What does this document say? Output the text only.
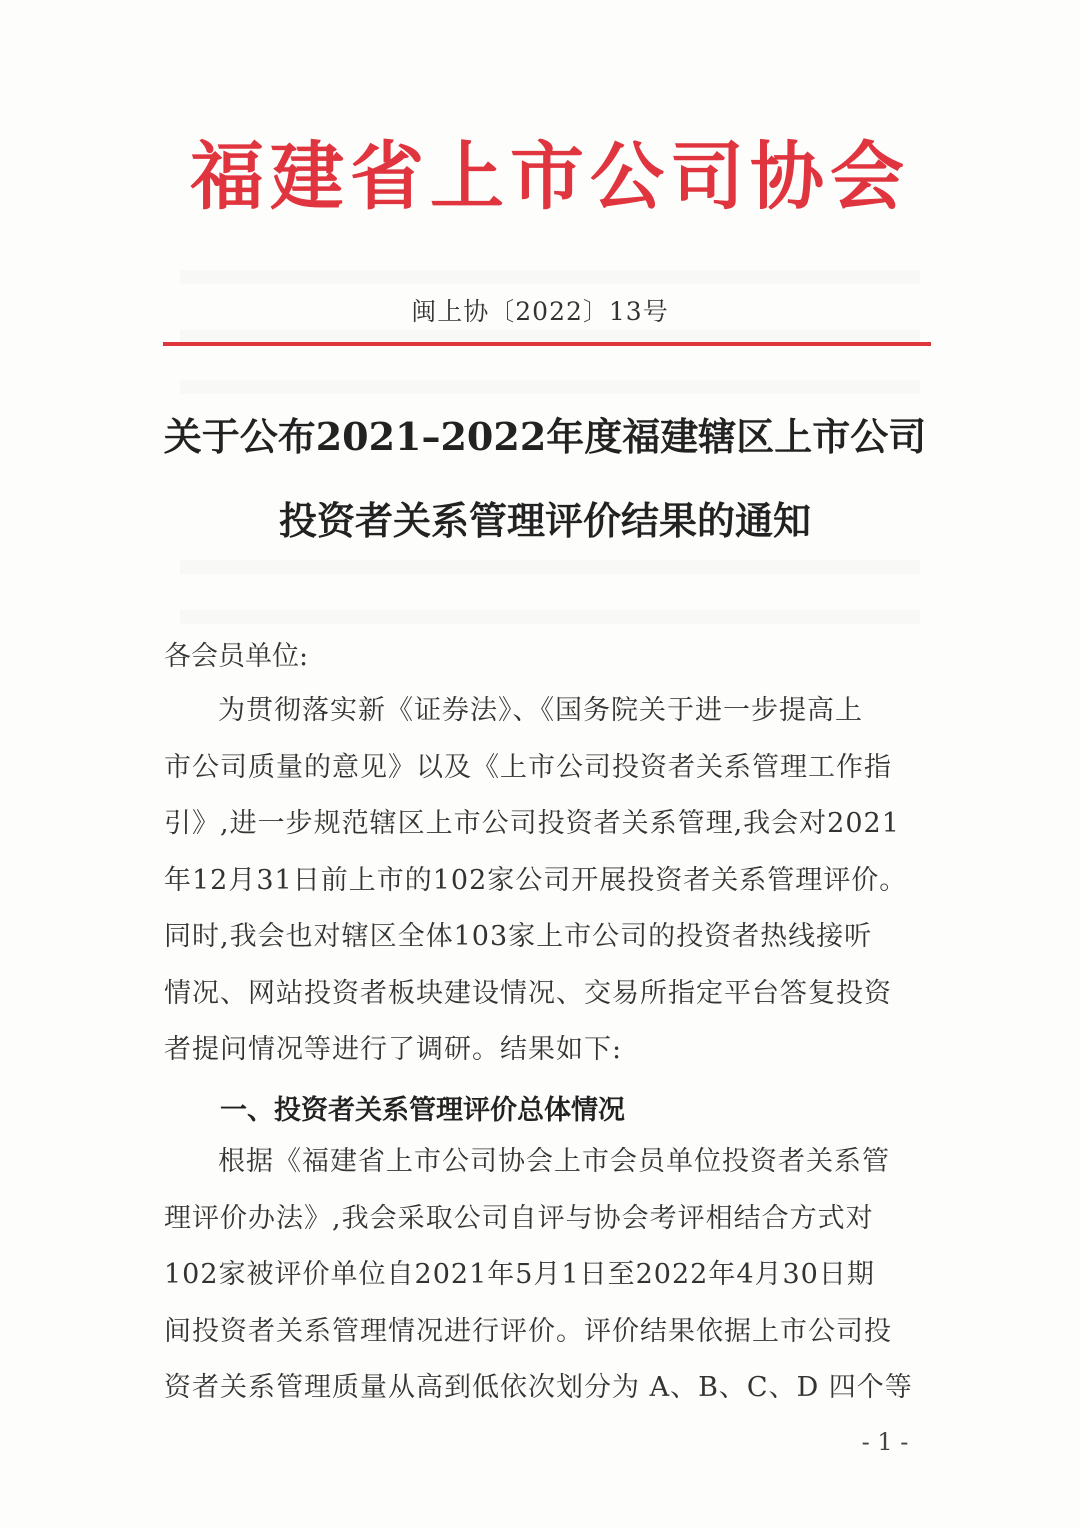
福建省上市公司协会
闽上协〔2022〕13号
关于公布2021–2022年度福建辖区上市公司
投资者关系管理评价结果的通知
各会员单位:
为贯彻落实新《证券法》、《国务院关于进一步提高上
市公司质量的意见》以及《上市公司投资者关系管理工作指
引》,进一步规范辖区上市公司投资者关系管理,我会对2021
年12月31日前上市的102家公司开展投资者关系管理评价。
同时,我会也对辖区全体103家上市公司的投资者热线接听
情况、网站投资者板块建设情况、交易所指定平台答复投资
者提问情况等进行了调研。结果如下:
一、投资者关系管理评价总体情况
根据《福建省上市公司协会上市会员单位投资者关系管
理评价办法》,我会采取公司自评与协会考评相结合方式对
102家被评价单位自2021年5月1日至2022年4月30日期
间投资者关系管理情况进行评价。评价结果依据上市公司投
资者关系管理质量从高到低依次划分为 A、B、C、D 四个等
- 1 -
